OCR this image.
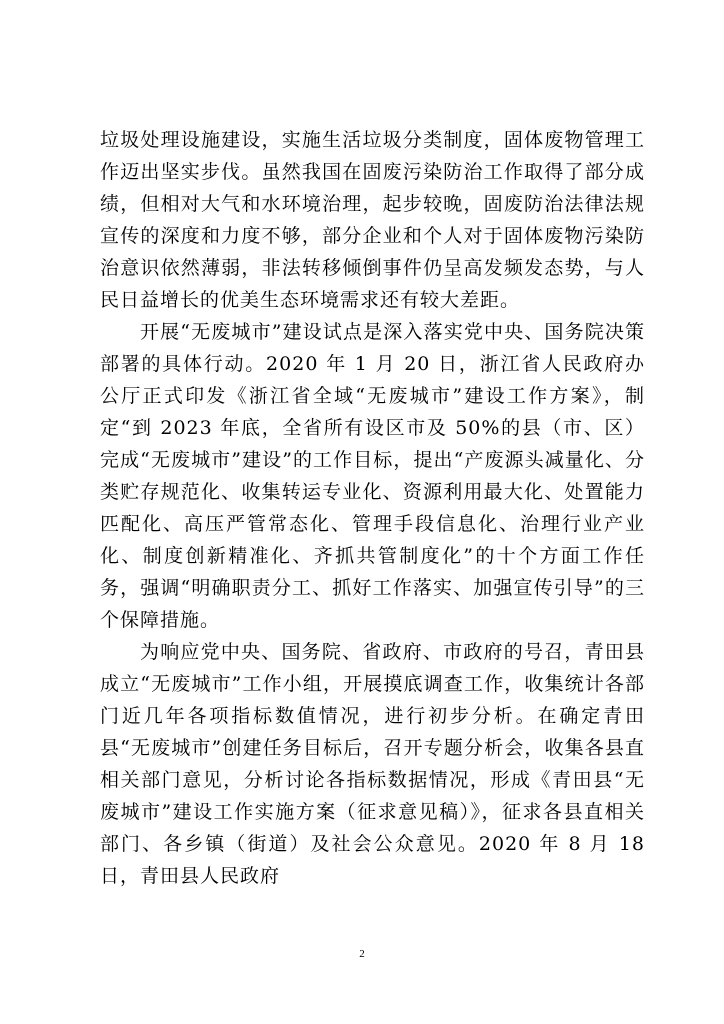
垃圾处理设施建设，实施生活垃圾分类制度，固体废物管理工作迈出坚实步伐。虽然我国在固废污染防治工作取得了部分成绩，但相对大气和水环境治理，起步较晚，固废防治法律法规宣传的深度和力度不够，部分企业和个人对于固体废物污染防治意识依然薄弱，非法转移倾倒事件仍呈高发频发态势，与人民日益增长的优美生态环境需求还有较大差距。

开展“无废城市”建设试点是深入落实党中央、国务院决策部署的具体行动。2020 年 1 月 20 日，浙江省人民政府办公厅正式印发《浙江省全域“无废城市”建设工作方案》，制定“到 2023 年底，全省所有设区市及 50%的县（市、区）完成“无废城市”建设”的工作目标，提出“产废源头减量化、分类贮存规范化、收集转运专业化、资源利用最大化、处置能力匹配化、高压严管常态化、管理手段信息化、治理行业产业化、制度创新精准化、齐抓共管制度化”的十个方面工作任务，强调“明确职责分工、抓好工作落实、加强宣传引导”的三个保障措施。

为响应党中央、国务院、省政府、市政府的号召，青田县成立“无废城市”工作小组，开展摸底调查工作，收集统计各部门近几年各项指标数值情况，进行初步分析。在确定青田县“无废城市”创建任务目标后，召开专题分析会，收集各县直相关部门意见，分析讨论各指标数据情况，形成《青田县“无废城市”建设工作实施方案（征求意见稿）》，征求各县直相关部门、各乡镇（街道）及社会公众意见。2020 年 8 月 18 日，青田县人民政府

2
